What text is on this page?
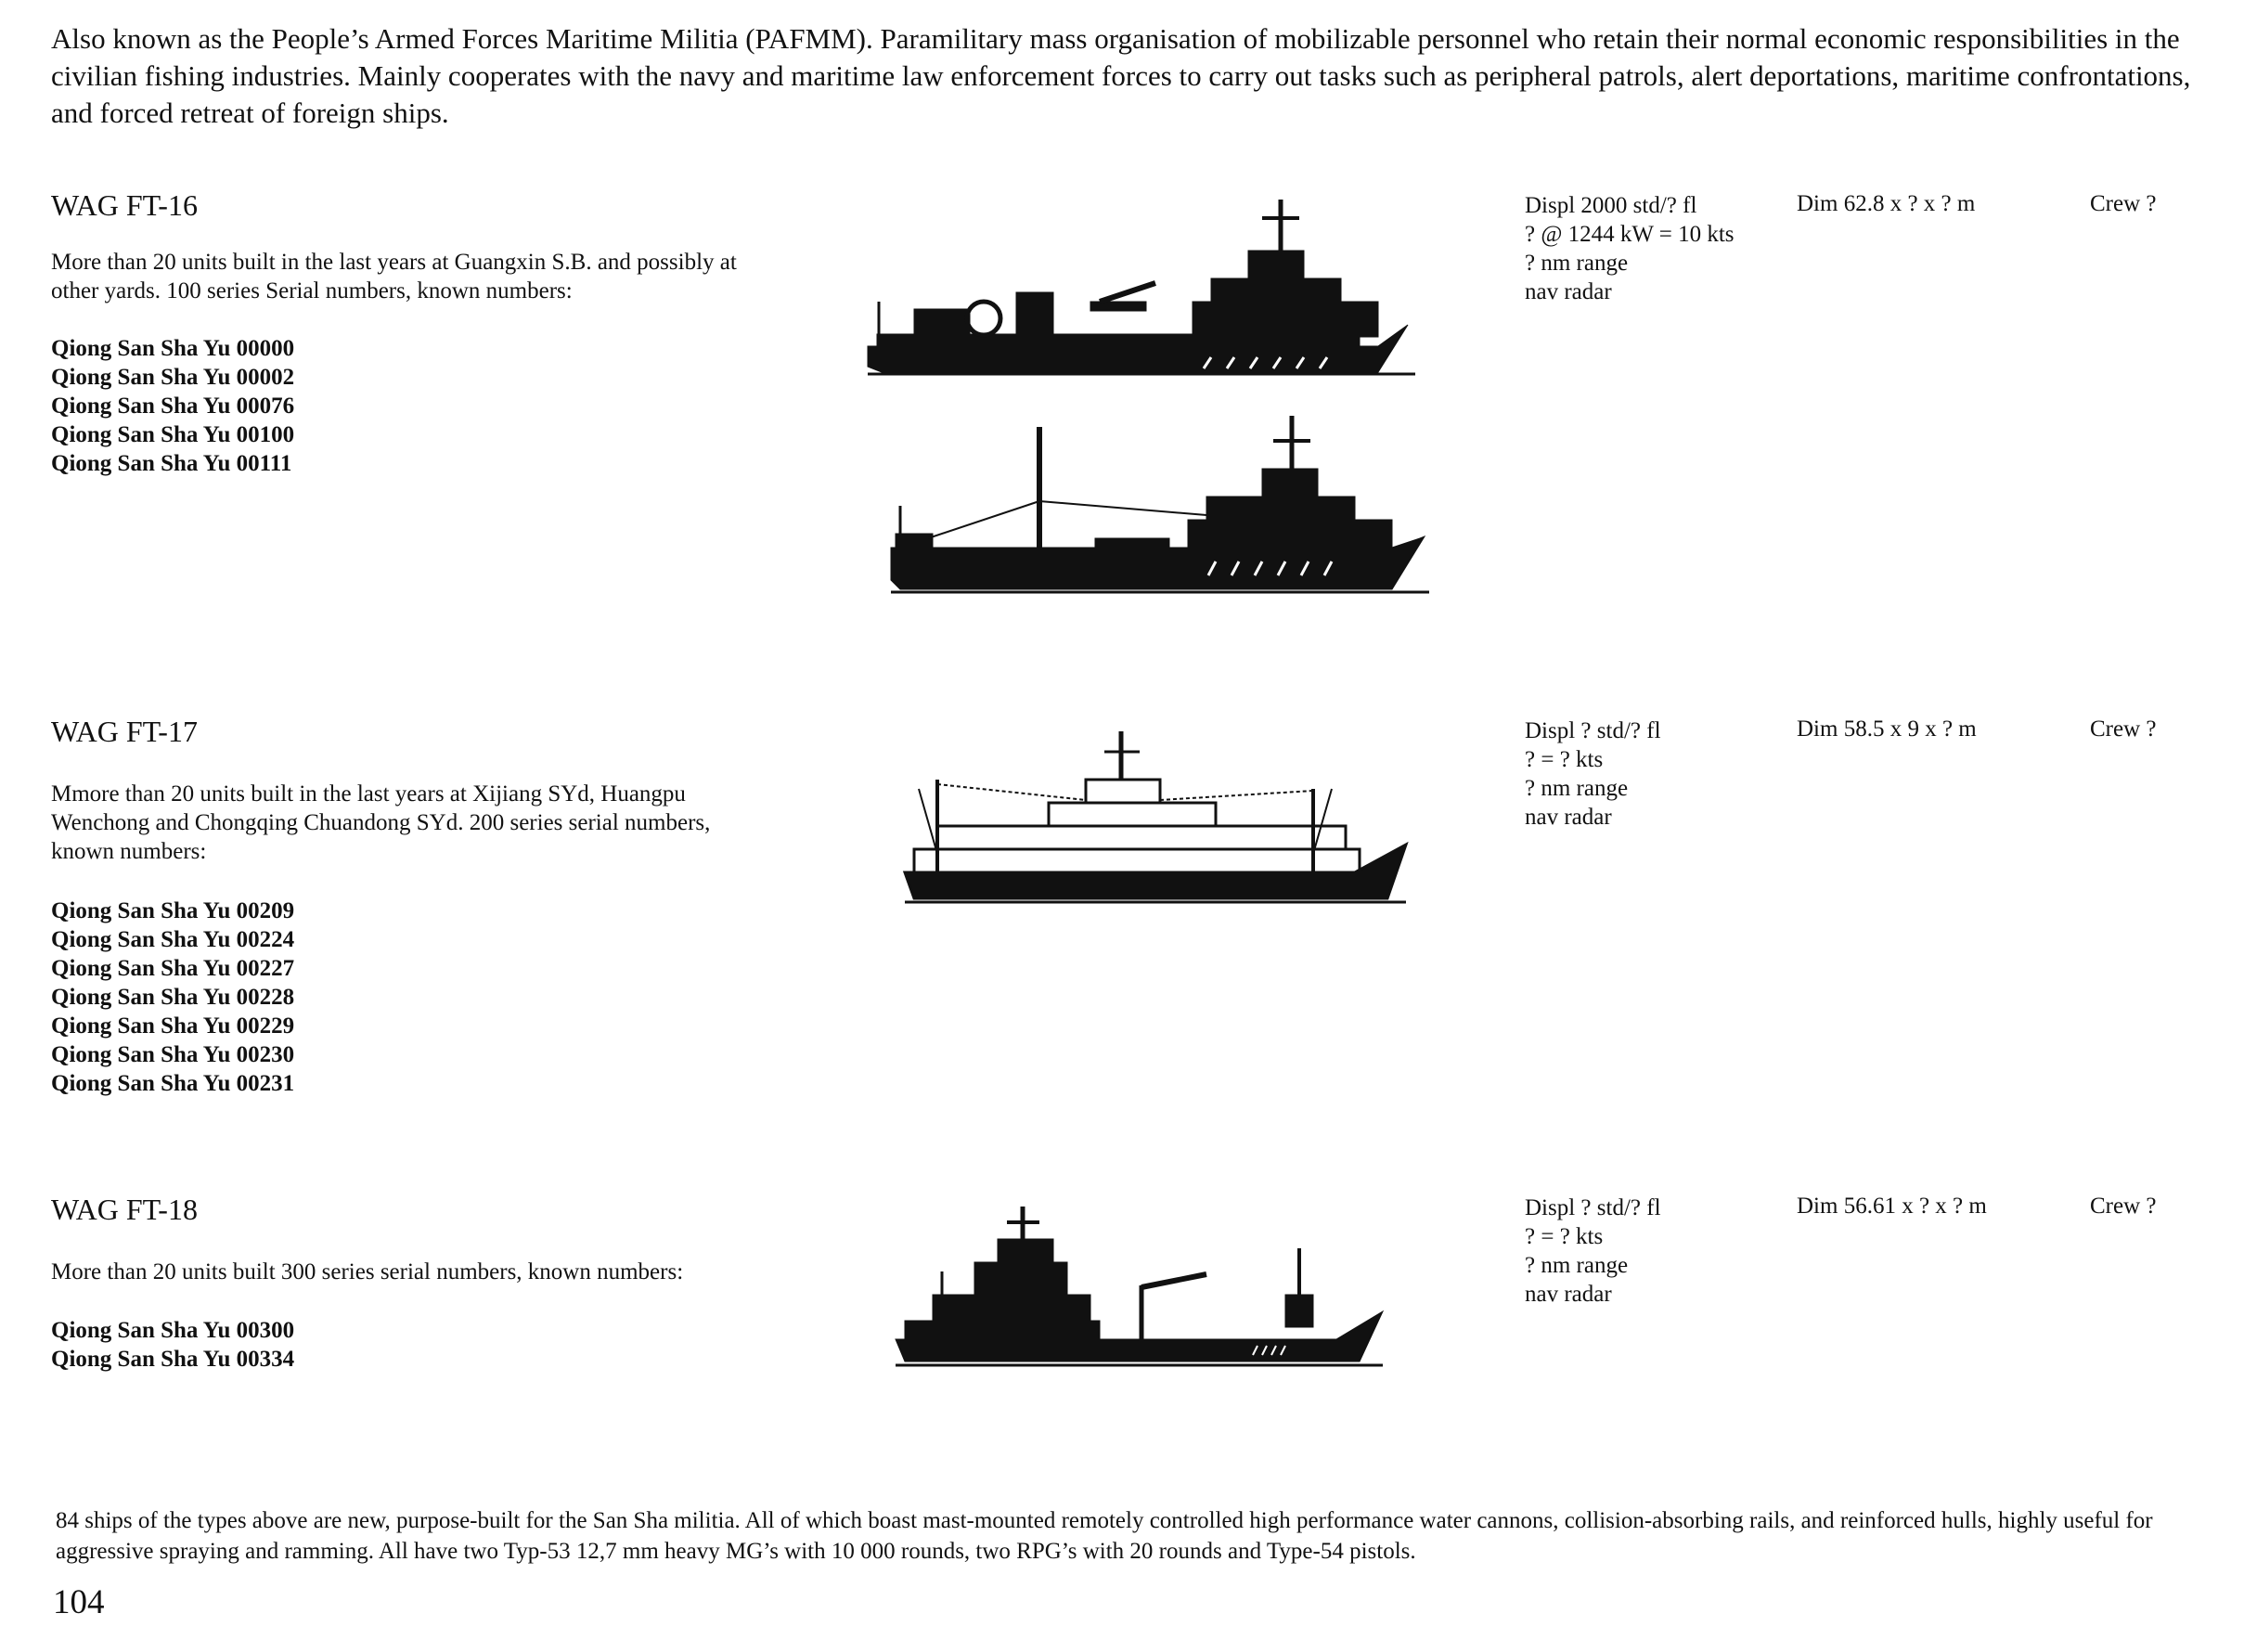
Also known as the People’s Armed Forces Maritime Militia (PAFMM). Paramilitary mass organisation of mobilizable personnel who retain their normal economic responsibilities in the civilian fishing industries. Mainly cooperates with the navy and maritime law enforcement forces to carry out tasks such as peripheral patrols, alert deportations, maritime confrontations, and forced retreat of foreign ships.
WAG FT-16
More than 20 units built in the last years at Guangxin S.B. and possibly at other yards. 100 series Serial numbers, known numbers:
Qiong San Sha Yu 00000
Qiong San Sha Yu 00002
Qiong San Sha Yu 00076
Qiong San Sha Yu 00100
Qiong San Sha Yu 00111
Displ 2000 std/? fl
? @ 1244 kW = 10 kts
? nm range
nav radar
Dim 62.8 x ? x ? m	Crew ?
WAG FT-17
Mmore than 20 units built in the last years at Xijiang SYd, Huangpu Wenchong and Chongqing Chuandong SYd. 200 series serial numbers, known numbers:
Qiong San Sha Yu 00209
Qiong San Sha Yu 00224
Qiong San Sha Yu 00227
Qiong San Sha Yu 00228
Qiong San Sha Yu 00229
Qiong San Sha Yu 00230
Qiong San Sha Yu 00231
Displ ? std/? fl
? = ? kts
? nm range
nav radar
Dim 58.5 x 9 x ? m	Crew ?
WAG FT-18
More than 20 units built 300 series serial numbers, known numbers:
Qiong San Sha Yu 00300
Qiong San Sha Yu 00334
Displ ? std/? fl
? = ? kts
? nm range
nav radar
Dim 56.61 x ? x ? m	Crew ?
84 ships of the types above are new, purpose-built for the San Sha militia. All of which boast mast-mounted remotely controlled high performance water cannons, collision-absorbing rails, and reinforced hulls, highly useful for aggressive spraying and ramming. All have two Typ-53 12,7 mm heavy MG’s with 10 000 rounds, two RPG’s with 20 rounds and Type-54 pistols.
104
